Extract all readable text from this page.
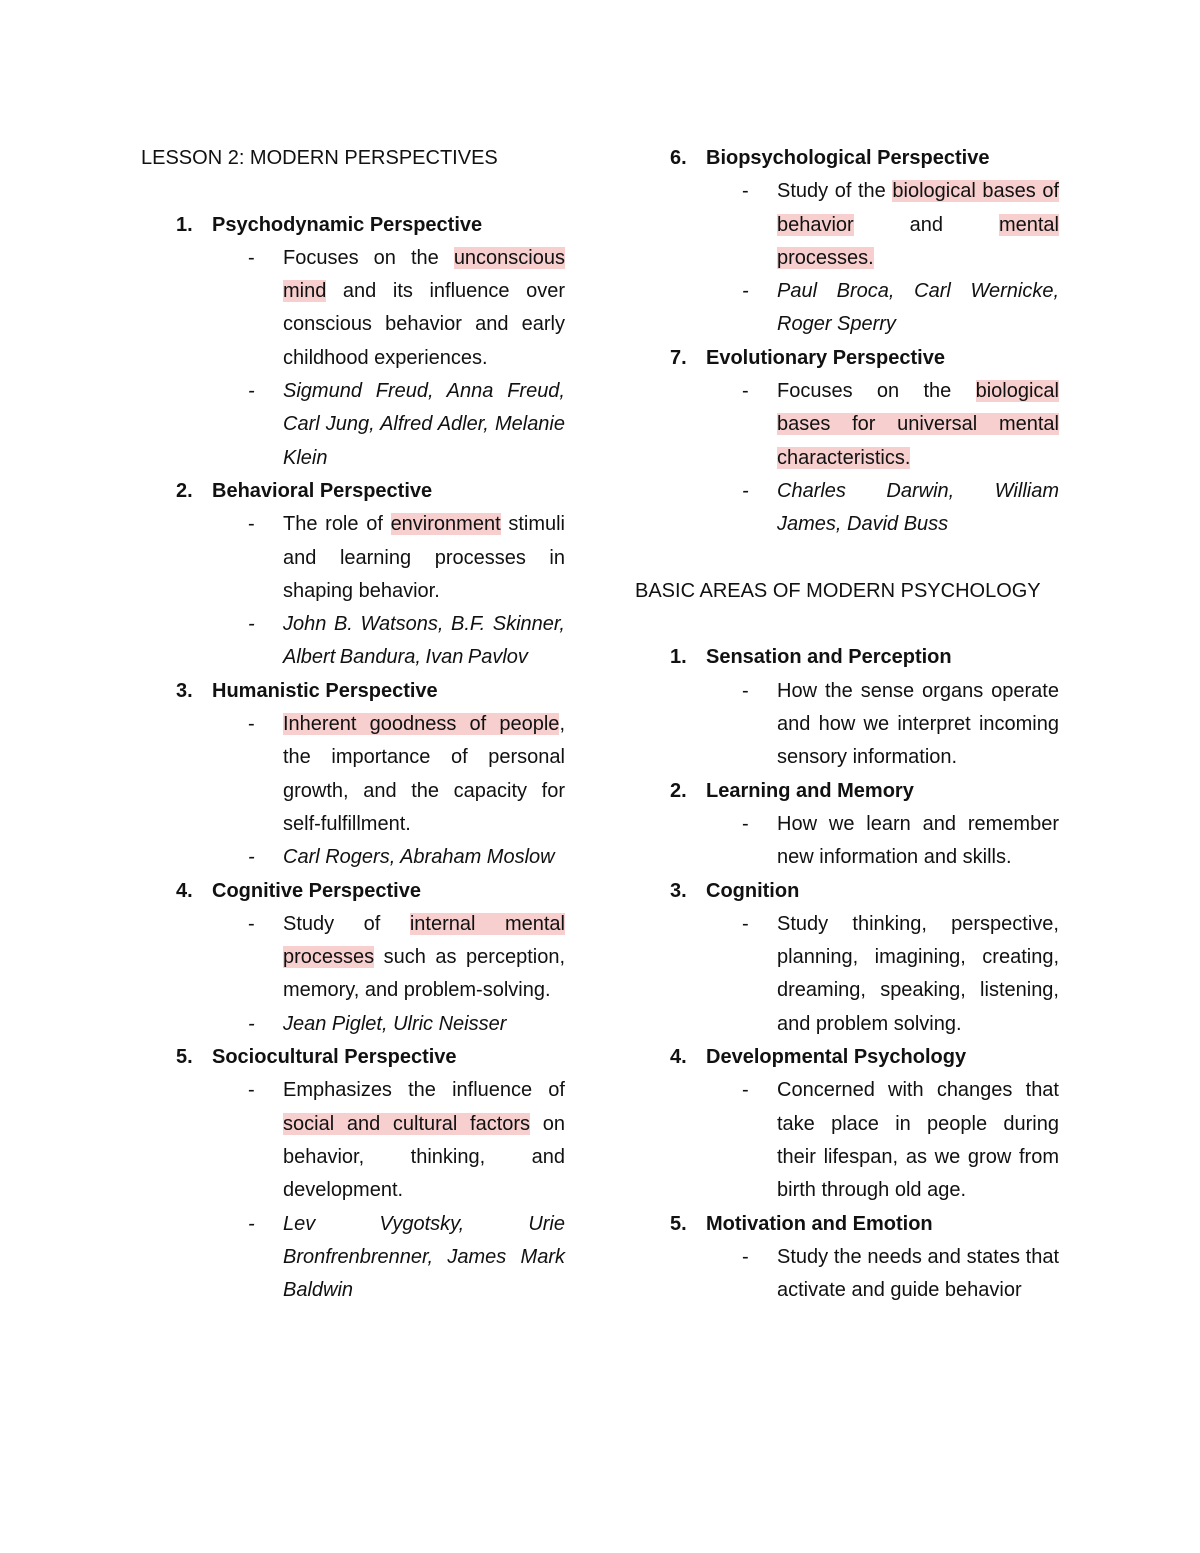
LESSON 2: MODERN PERSPECTIVES
1. Psychodynamic Perspective
- Focuses on the unconscious mind and its influence over conscious behavior and early childhood experiences.
- Sigmund Freud, Anna Freud, Carl Jung, Alfred Adler, Melanie Klein
2. Behavioral Perspective
- The role of environment stimuli and learning processes in shaping behavior.
- John B. Watsons, B.F. Skinner, Albert Bandura, Ivan Pavlov
3. Humanistic Perspective
- Inherent goodness of people, the importance of personal growth, and the capacity for self-fulfillment.
- Carl Rogers, Abraham Moslow
4. Cognitive Perspective
- Study of internal mental processes such as perception, memory, and problem-solving.
- Jean Piglet, Ulric Neisser
5. Sociocultural Perspective
- Emphasizes the influence of social and cultural factors on behavior, thinking, and development.
- Lev Vygotsky, Urie Bronfrenbrenner, James Mark Baldwin
6. Biopsychological Perspective
- Study of the biological bases of behavior and mental processes.
- Paul Broca, Carl Wernicke, Roger Sperry
7. Evolutionary Perspective
- Focuses on the biological bases for universal mental characteristics.
- Charles Darwin, William James, David Buss
BASIC AREAS OF MODERN PSYCHOLOGY
1. Sensation and Perception
- How the sense organs operate and how we interpret incoming sensory information.
2. Learning and Memory
- How we learn and remember new information and skills.
3. Cognition
- Study thinking, perspective, planning, imagining, creating, dreaming, speaking, listening, and problem solving.
4. Developmental Psychology
- Concerned with changes that take place in people during their lifespan, as we grow from birth through old age.
5. Motivation and Emotion
- Study the needs and states that activate and guide behavior
